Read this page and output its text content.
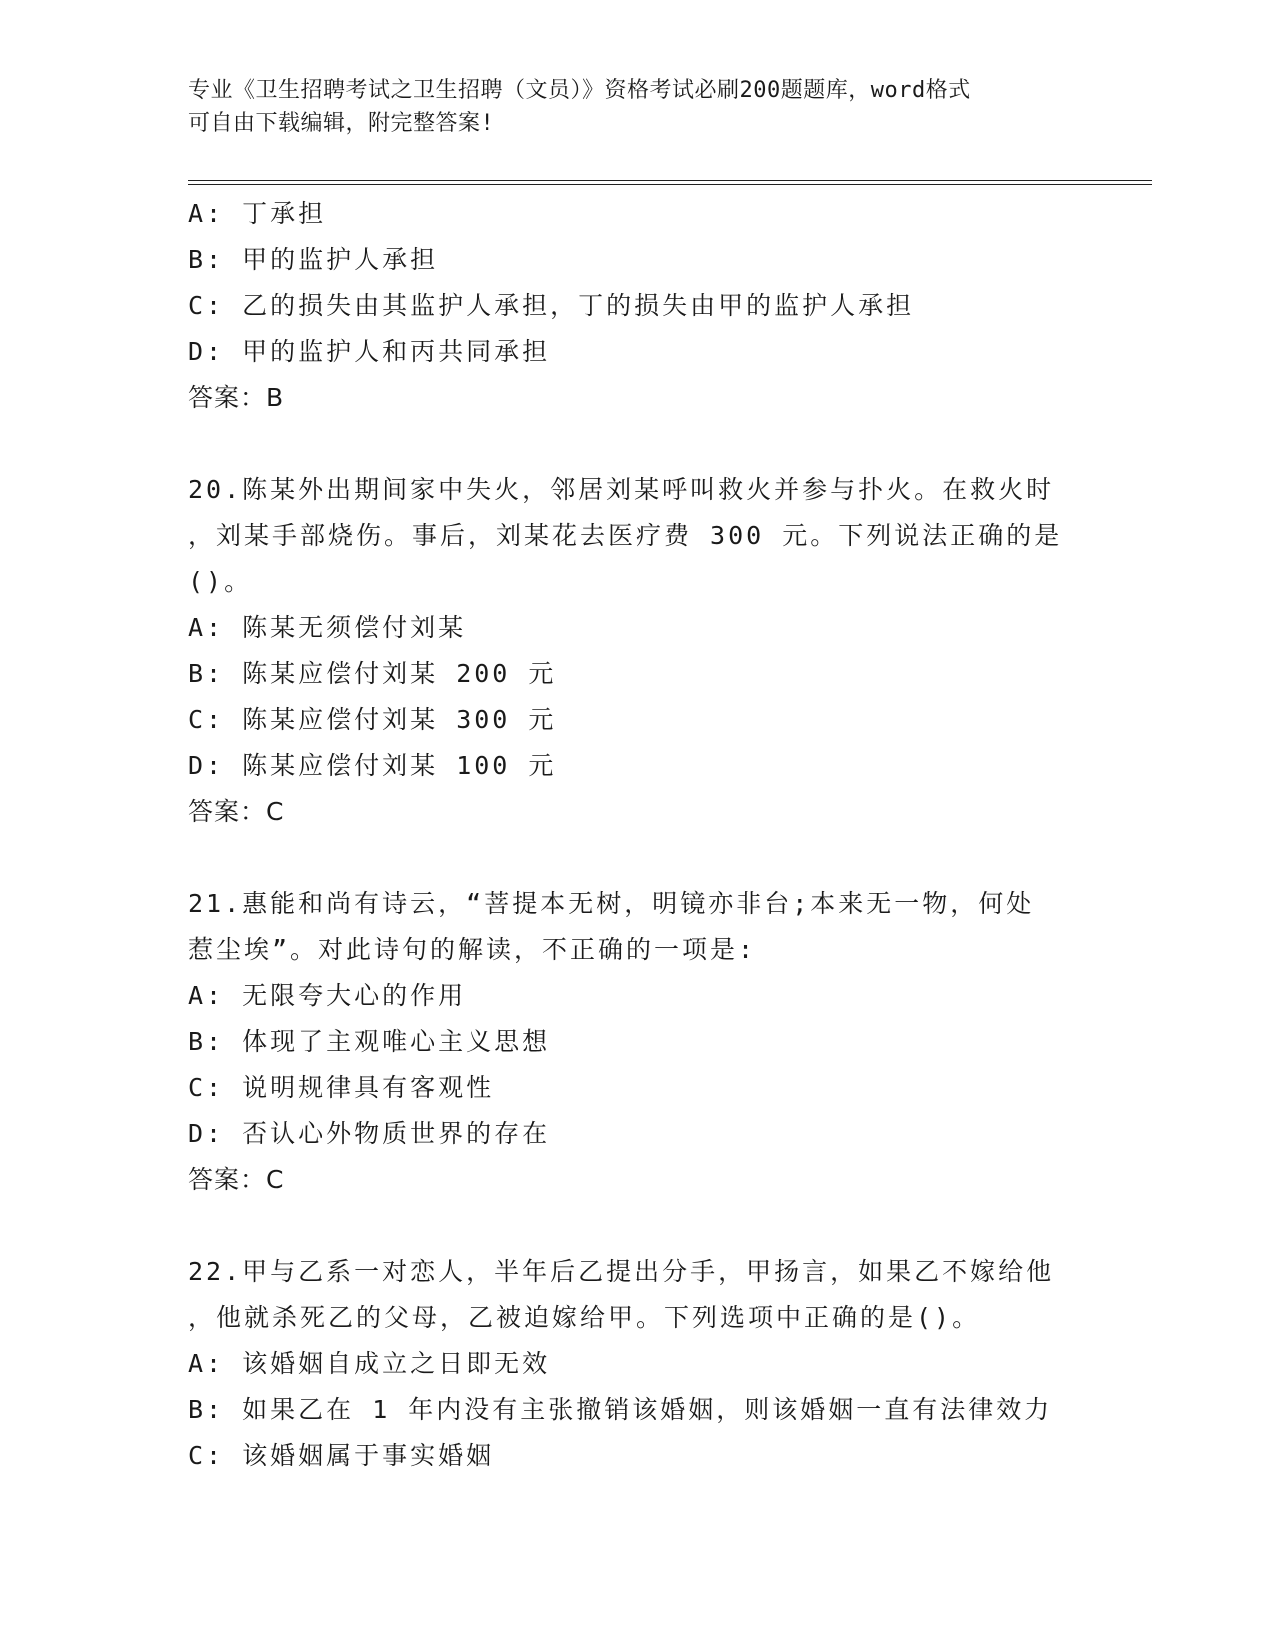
专业《卫生招聘考试之卫生招聘（文员）》资格考试必刷200题题库，word格式
可自由下载编辑，附完整答案!
A: 丁承担
B: 甲的监护人承担
C: 乙的损失由其监护人承担，丁的损失由甲的监护人承担
D: 甲的监护人和丙共同承担
答案：B
20.陈某外出期间家中失火，邻居刘某呼叫救火并参与扑火。在救火时
，刘某手部烧伤。事后，刘某花去医疗费 300 元。下列说法正确的是
()。
A: 陈某无须偿付刘某
B: 陈某应偿付刘某 200 元
C: 陈某应偿付刘某 300 元
D: 陈某应偿付刘某 100 元
答案：C
21.惠能和尚有诗云，“菩提本无树，明镜亦非台;本来无一物，何处
惹尘埃”。对此诗句的解读，不正确的一项是:
A: 无限夸大心的作用
B: 体现了主观唯心主义思想
C: 说明规律具有客观性
D: 否认心外物质世界的存在
答案：C
22.甲与乙系一对恋人，半年后乙提出分手，甲扬言，如果乙不嫁给他
，他就杀死乙的父母，乙被迫嫁给甲。下列选项中正确的是()。
A: 该婚姻自成立之日即无效
B: 如果乙在 1 年内没有主张撤销该婚姻，则该婚姻一直有法律效力
C: 该婚姻属于事实婚姻
